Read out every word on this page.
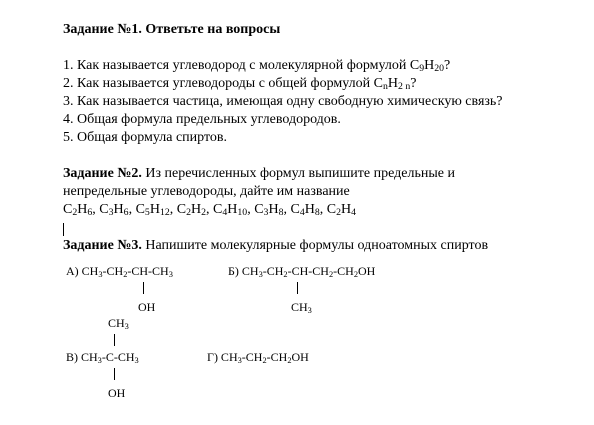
Задание №1. Ответьте на вопросы
1. Как называется углеводород с молекулярной формулой $C_9H_{20}$?
2. Как называется углеводороды с общей формулой $C_nH_{2 n}$?
3. Как называется частица, имеющая одну свободную химическую связь?
4. Общая формула предельных углеводородов.
5. Общая формула спиртов.
Задание №2. Из перечисленных формул выпишите предельные и
непредельные углеводороды, дайте им название
$C_2H_6$, $C_3H_6$, $C_5H_{12}$, $C_2H_2$, $C_4H_{10}$, $C_3H_8$, $C_4H_8$, $C_2H_4$
Задание №3. Напишите молекулярные формулы одноатомных спиртов
А) $CH_3-CH_2-CH-CH_3$
OH
Б) $CH_3-CH_2-CH-CH_2-CH_2OH$
$CH_3$
$CH_3$
В) $CH_3-C-CH_3$
OH
Г) $CH_3-CH_2-CH_2OH$
